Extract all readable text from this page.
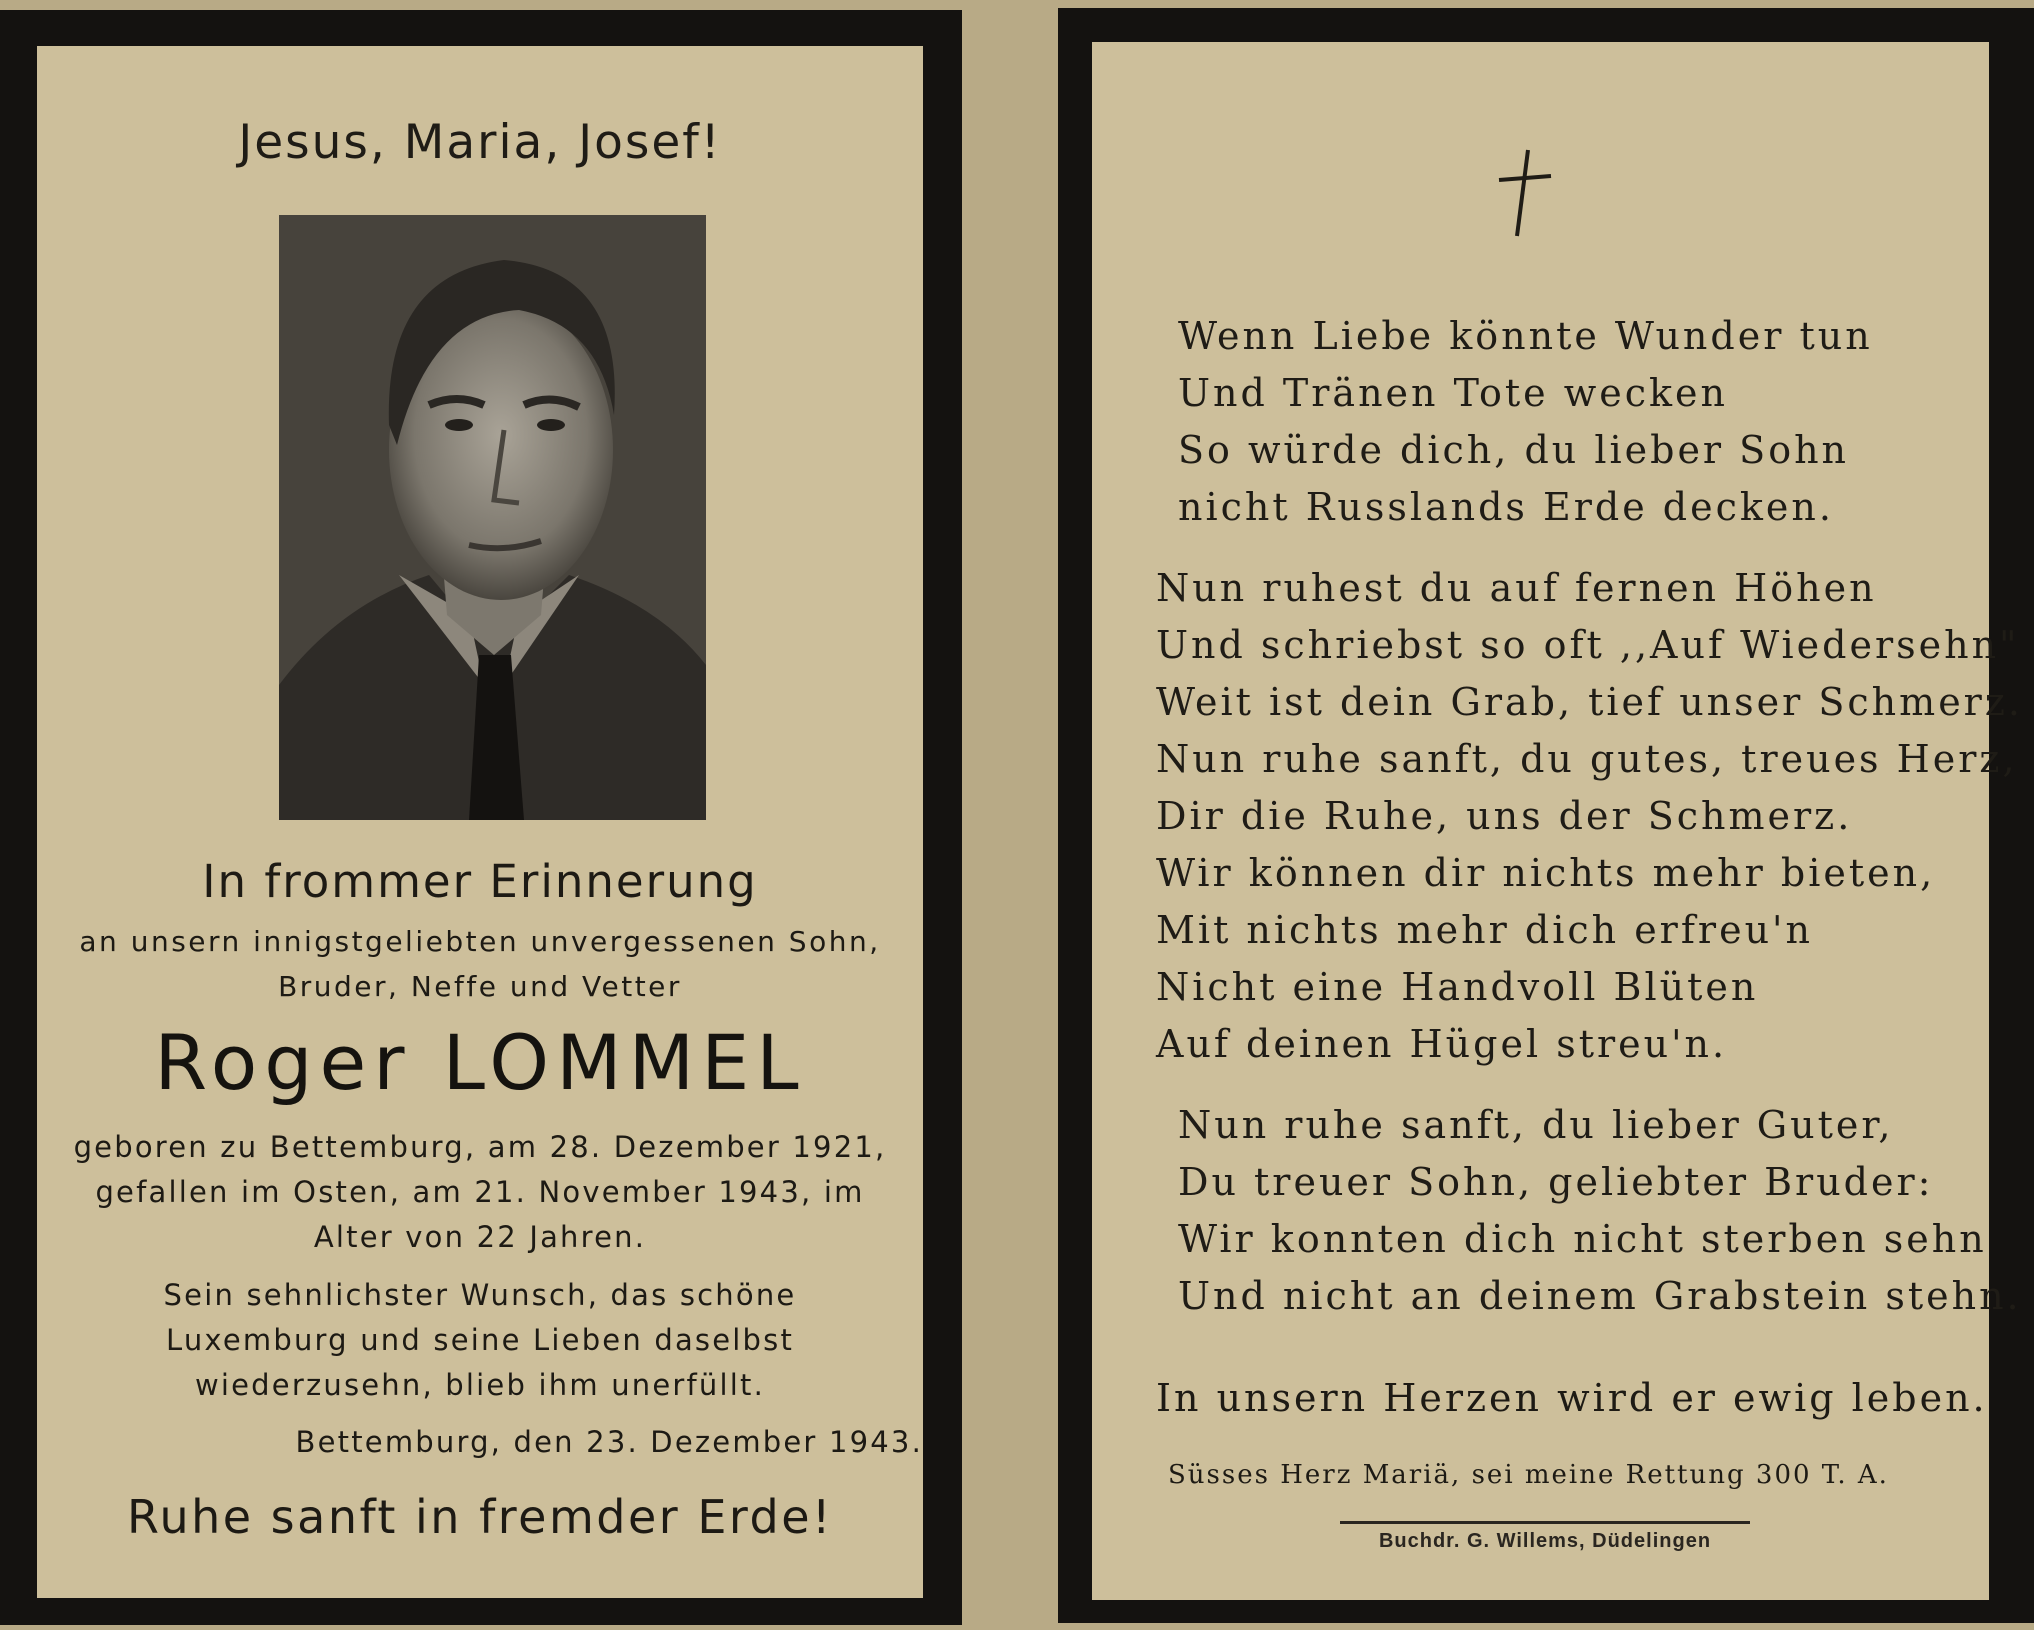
Jesus, Maria, Josef!
In frommer Erinnerung
an unsern innigstgeliebten unvergessenen Sohn,
Bruder, Neffe und Vetter
Roger LOMMEL
geboren zu Bettemburg, am 28. Dezember 1921,
gefallen im Osten, am 21. November 1943, im
Alter von 22 Jahren.
Sein sehnlichster Wunsch, das schöne
Luxemburg und seine Lieben daselbst
wiederzusehn, blieb ihm unerfüllt.
Bettemburg, den 23. Dezember 1943.
Ruhe sanft in fremder Erde!
Wenn Liebe könnte Wunder tun
Und Tränen Tote wecken
So würde dich, du lieber Sohn
nicht Russlands Erde decken.
Nun ruhest du auf fernen Höhen
Und schriebst so oft ,,Auf Wiedersehn"
Weit ist dein Grab, tief unser Schmerz.
Nun ruhe sanft, du gutes, treues Herz,
Dir die Ruhe, uns der Schmerz.
Wir können dir nichts mehr bieten,
Mit nichts mehr dich erfreu'n
Nicht eine Handvoll Blüten
Auf deinen Hügel streu'n.
Nun ruhe sanft, du lieber Guter,
Du treuer Sohn, geliebter Bruder:
Wir konnten dich nicht sterben sehn
Und nicht an deinem Grabstein stehn.
In unsern Herzen wird er ewig leben.
Süsses Herz Mariä, sei meine Rettung 300 T. A.
Buchdr. G. Willems, Düdelingen
